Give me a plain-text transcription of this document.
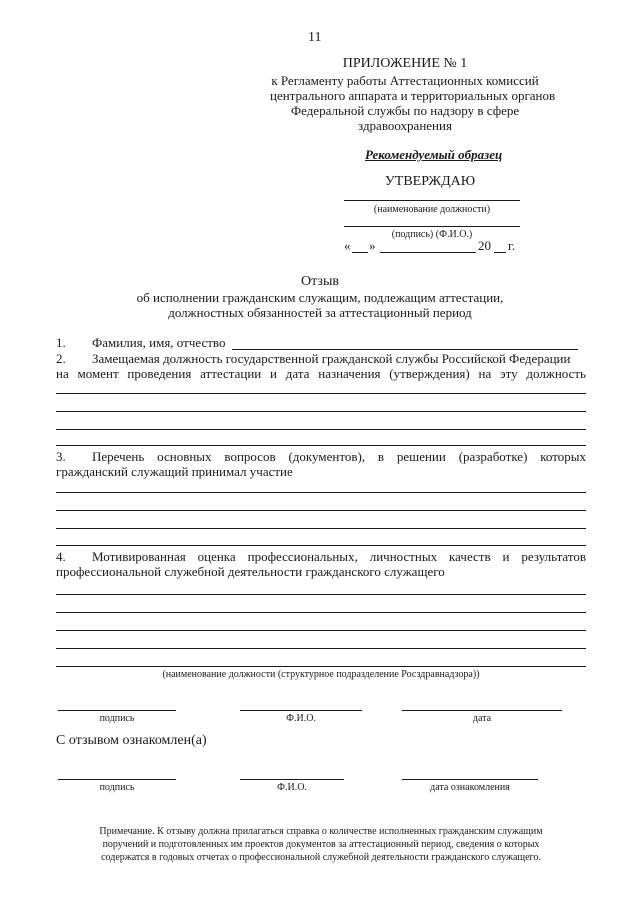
11
ПРИЛОЖЕНИЕ № 1
к Регламенту работы Аттестационных комиссий
центрального аппарата и территориальных органов
Федеральной службы по надзору в сфере
здравоохранения
Рекомендуемый образец
УТВЕРЖДАЮ
(наименование должности)
(подпись) (Ф.И.О.)
« »	20 г.
Отзыв
об исполнении гражданским служащим, подлежащим аттестации,
должностных обязанностей за аттестационный период
1. Фамилия, имя, отчество
2. Замещаемая должность государственной гражданской службы Российской Федерации
на момент проведения аттестации и дата назначения (утверждения) на эту должность
3. Перечень основных вопросов (документов), в решении (разработке) которых
гражданский служащий принимал участие
4. Мотивированная оценка профессиональных, личностных качеств и результатов
профессиональной служебной деятельности гражданского служащего
(наименование должности (структурное подразделение Росздравнадзора))
подпись	Ф.И.О.	дата
С отзывом ознакомлен(а)
подпись	Ф.И.О.	дата ознакомления
Примечание. К отзыву должна прилагаться справка о количестве исполненных гражданским служащим
поручений и подготовленных им проектов документов за аттестационный период, сведения о которых
содержатся в годовых отчетах о профессиональной служебной деятельности гражданского служащего.
